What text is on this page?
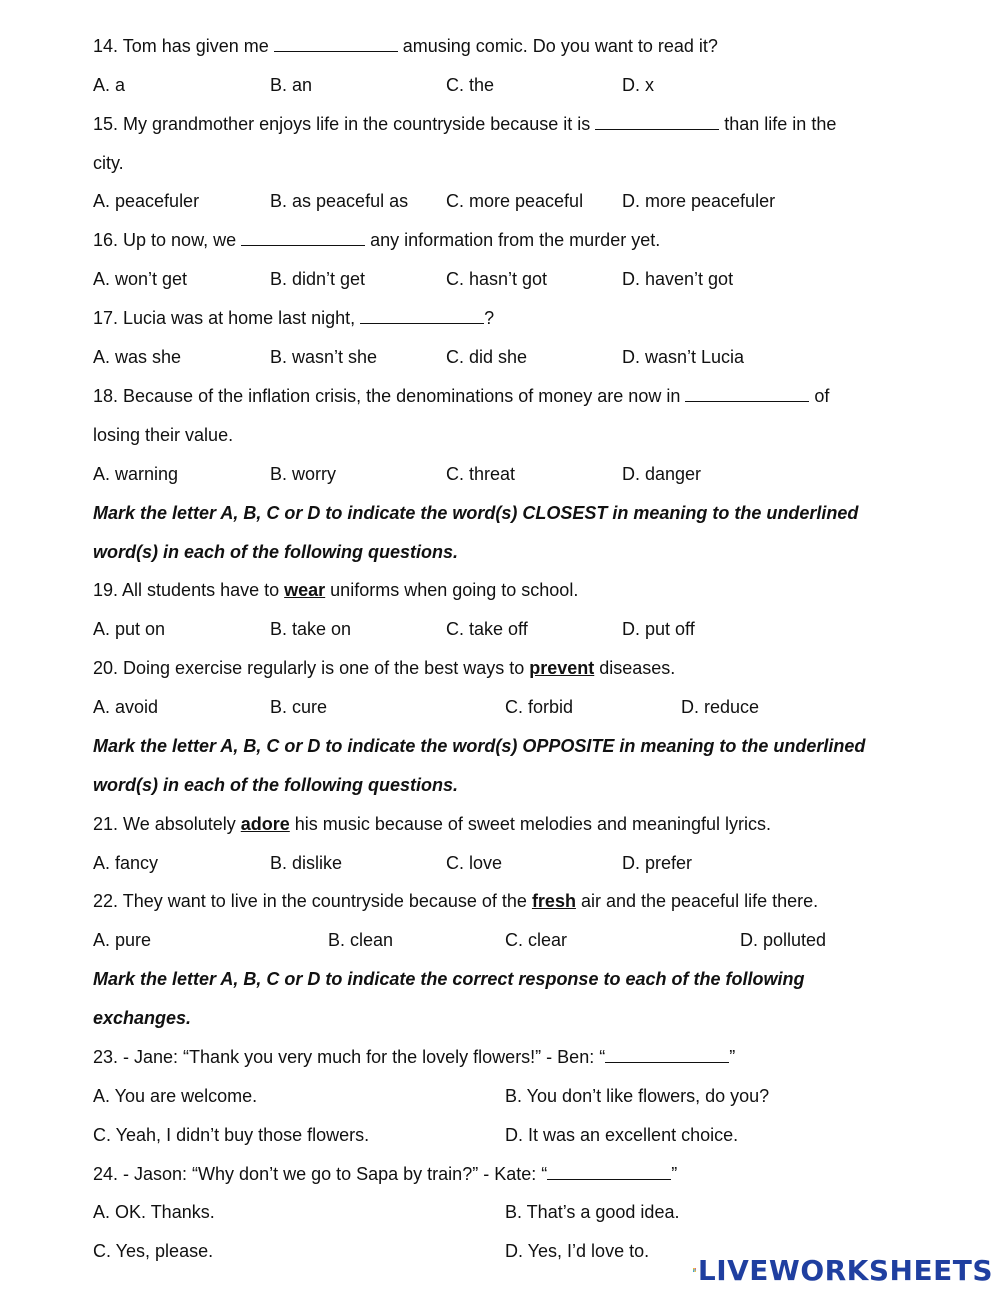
14. Tom has given me	amusing comic. Do you want to read it?
A. a	B. an	C. the	D. x
15. My grandmother enjoys life in the countryside because it is	than life in the
city.
A. peacefuler	B. as peaceful as C. more peaceful D. more peacefuler
16. Up to now, we	any information from the murder yet.
A. won’t get	B. didn’t get	C. hasn’t got	D. haven’t got
17. Lucia was at home last night,	?
A. was she	B. wasn’t she	C. did she	D. wasn’t Lucia
18. Because of the inflation crisis, the denominations of money are now in	of
losing their value.
A. warning	B. worry	C. threat	D. danger
Mark the letter A, B, C or D to indicate the word(s) CLOSEST in meaning to the underlined
word(s) in each of the following questions.
19. All students have to wear uniforms when going to school.
A. put on	B. take on	C. take off	D. put off
20. Doing exercise regularly is one of the best ways to prevent diseases.
A. avoid	B. cure	C. forbid	D. reduce
Mark the letter A, B, C or D to indicate the word(s) OPPOSITE in meaning to the underlined
word(s) in each of the following questions.
21. We absolutely adore his music because of sweet melodies and meaningful lyrics.
A. fancy	B. dislike	C. love	D. prefer
22. They want to live in the countryside because of the fresh air and the peaceful life there.
A. pure	B. clean	C. clear	D. polluted
Mark the letter A, B, C or D to indicate the correct response to each of the following
exchanges.
23. - Jane: “Thank you very much for the lovely flowers!” - Ben: “	”
A. You are welcome.	B. You don’t like flowers, do you?
C. Yeah, I didn’t buy those flowers.	D. It was an excellent choice.
24. - Jason: “Why don’t we go to Sapa by train?” - Kate: “	”
A. OK. Thanks.	B. That’s a good idea.
C. Yes, please.	D. Yes, I’d love to.
LIVEWORKSHEETS
